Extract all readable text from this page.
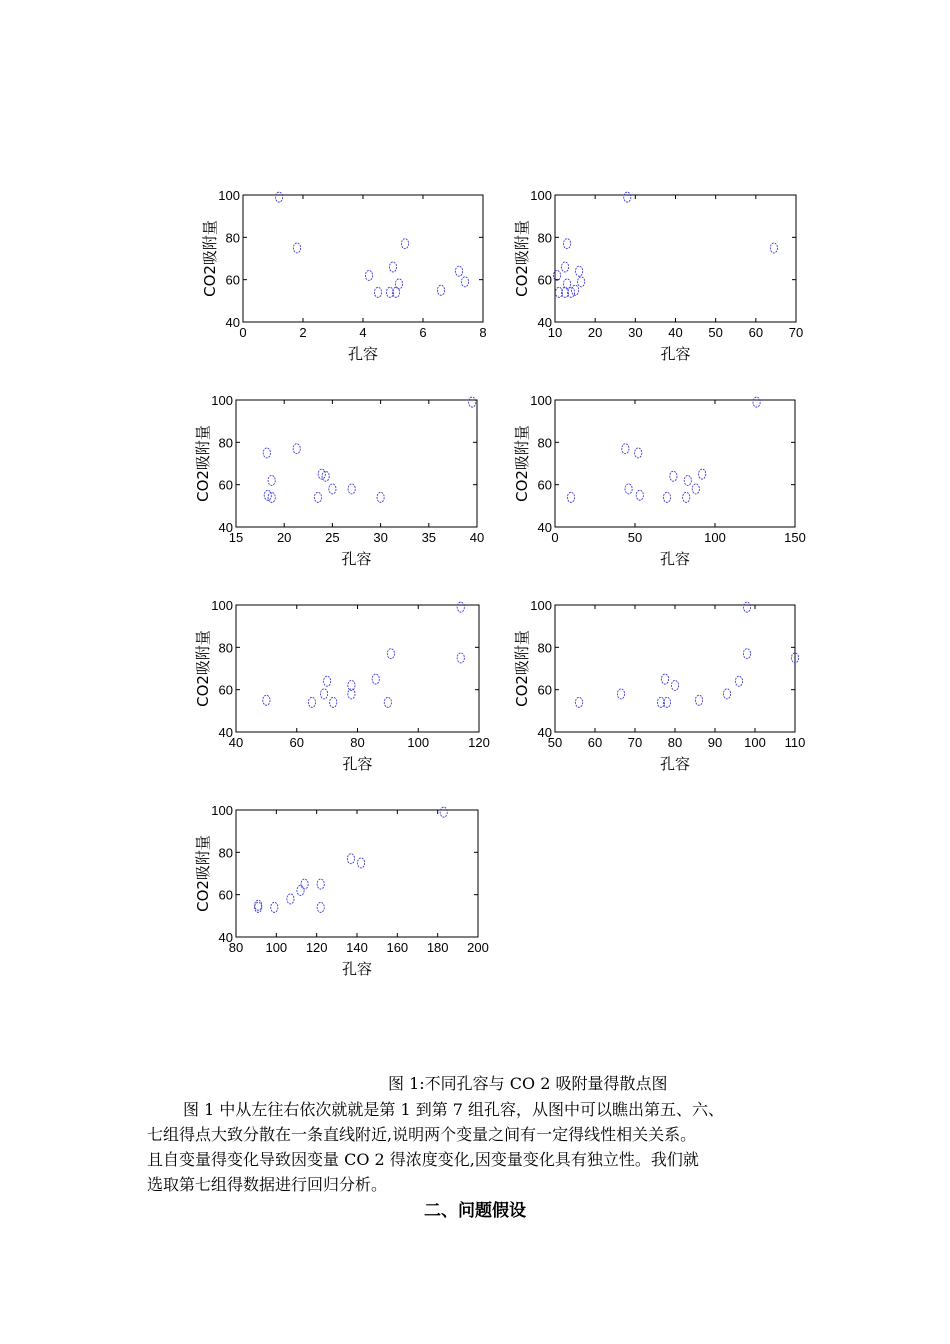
0	2	4	6	8
40
60
80
100
孔容
CO2吸附量
10 20 30 40 50 60 70
40
60
80
100
孔容
CO2吸附量
15	20	25	30	35	40
40
60
80
100
孔容
CO2吸附量
0	50	100	150
40
60
80
100
孔容
CO2吸附量
40	60	80	100	120
40
60
80
100
孔容
CO2吸附量
50 60 70 80 90 100 110
40
60
80
100
孔容
CO2吸附量
80 100 120 140 160 180 200
40
60
80
100
孔容
CO2吸附量
图 1:不同孔容与 CO 2 吸附量得散点图

图 1 中从左往右依次就就是第 1 到第 7 组孔容，从图中可以瞧出第五、六、

七组得点大致分散在一条直线附近,说明两个变量之间有一定得线性相关关系。

且自变量得变化导致因变量 CO 2 得浓度变化,因变量变化具有独立性。我们就

选取第七组得数据进行回归分析。

二、问题假设
